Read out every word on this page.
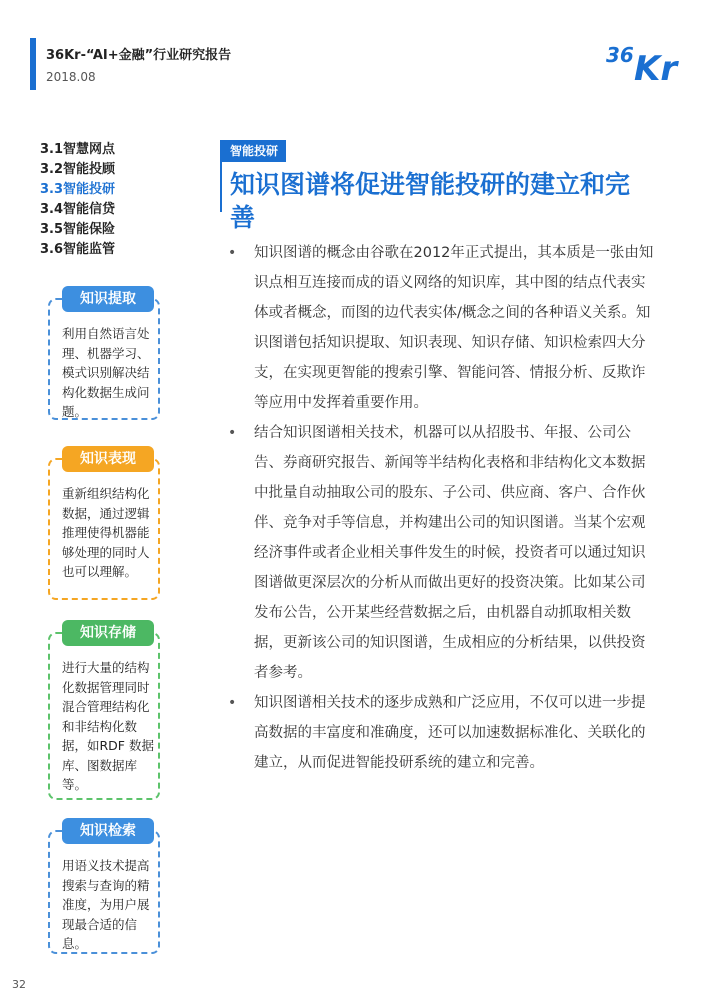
36Kr-“AI+金融”行业研究报告
2018.08
36 Kr
3.1智慧网点
3.2智能投顾
3.3智能投研
3.4智能信贷
3.5智能保险
3.6智能监管
知识提取
利用自然语言处理、机器学习、模式识别解决结构化数据生成问题。
知识表现
重新组织结构化数据，通过逻辑推理使得机器能够处理的同时人也可以理解。
知识存储
进行大量的结构化数据管理同时混合管理结构化和非结构化数据，如RDF 数据库、图数据库等。
知识检索
用语义技术提高搜索与查询的精准度，为用户展现最合适的信息。
智能投研
知识图谱将促进智能投研的建立和完善
• 知识图谱的概念由谷歌在2012年正式提出，其本质是一张由知识点相互连接而成的语义网络的知识库，其中图的结点代表实体或者概念，而图的边代表实体/概念之间的各种语义关系。知识图谱包括知识提取、知识表现、知识存储、知识检索四大分支，在实现更智能的搜索引擎、智能问答、情报分析、反欺诈等应用中发挥着重要作用。
• 结合知识图谱相关技术，机器可以从招股书、年报、公司公告、券商研究报告、新闻等半结构化表格和非结构化文本数据中批量自动抽取公司的股东、子公司、供应商、客户、合作伙伴、竞争对手等信息，并构建出公司的知识图谱。当某个宏观经济事件或者企业相关事件发生的时候，投资者可以通过知识图谱做更深层次的分析从而做出更好的投资决策。比如某公司发布公告，公开某些经营数据之后，由机器自动抓取相关数据，更新该公司的知识图谱，生成相应的分析结果，以供投资者参考。
• 知识图谱相关技术的逐步成熟和广泛应用，不仅可以进一步提高数据的丰富度和准确度，还可以加速数据标准化、关联化的建立，从而促进智能投研系统的建立和完善。
32
